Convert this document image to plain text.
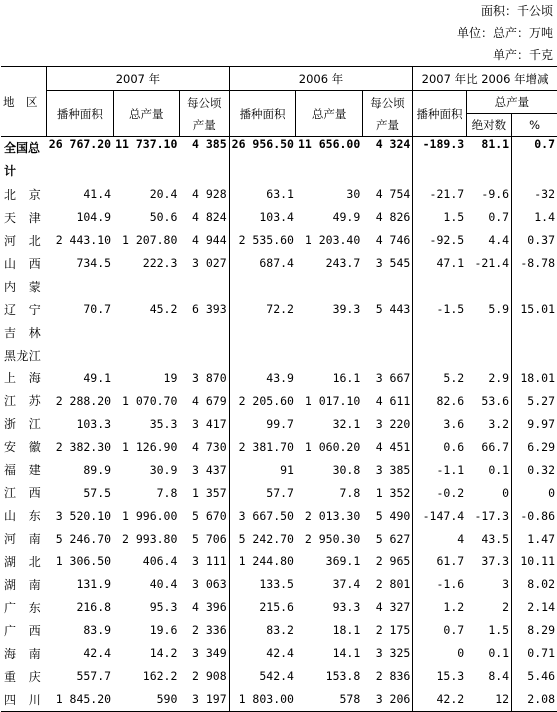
面积：千公顷
单位：总产：万吨
单产：千克
地　区	2007 年			2006 年			2007 年比 2006 年增减		
	播种面积	总产量	每公顷产量	播种面积	总产量	每公顷产量	播种面积	总产量	
								绝对数	%
全国总计	26 767.20	11 737.10	4 385	26 956.50	11 656.00	4 324	-189.3	81.1	0.7
北　京	41.4	20.4	4 928	63.1	30	4 754	-21.7	-9.6	-32
天　津	104.9	50.6	4 824	103.4	49.9	4 826	1.5	0.7	1.4
河　北	2 443.10	1 207.80	4 944	2 535.60	1 203.40	4 746	-92.5	4.4	0.37
山　西	734.5	222.3	3 027	687.4	243.7	3 545	47.1	-21.4	-8.78
内　蒙									
辽　宁	70.7	45.2	6 393	72.2	39.3	5 443	-1.5	5.9	15.01
吉　林									
黑龙江									
上　海	49.1	19	3 870	43.9	16.1	3 667	5.2	2.9	18.01
江　苏	2 288.20	1 070.70	4 679	2 205.60	1 017.10	4 611	82.6	53.6	5.27
浙　江	103.3	35.3	3 417	99.7	32.1	3 220	3.6	3.2	9.97
安　徽	2 382.30	1 126.90	4 730	2 381.70	1 060.20	4 451	0.6	66.7	6.29
福　建	89.9	30.9	3 437	91	30.8	3 385	-1.1	0.1	0.32
江　西	57.5	7.8	1 357	57.7	7.8	1 352	-0.2	0	0
山　东	3 520.10	1 996.00	5 670	3 667.50	2 013.30	5 490	-147.4	-17.3	-0.86
河　南	5 246.70	2 993.80	5 706	5 242.70	2 950.30	5 627	4	43.5	1.47
湖　北	1 306.50	406.4	3 111	1 244.80	369.1	2 965	61.7	37.3	10.11
湖　南	131.9	40.4	3 063	133.5	37.4	2 801	-1.6	3	8.02
广　东	216.8	95.3	4 396	215.6	93.3	4 327	1.2	2	2.14
广　西	83.9	19.6	2 336	83.2	18.1	2 175	0.7	1.5	8.29
海　南	42.4	14.2	3 349	42.4	14.1	3 325	0	0.1	0.71
重　庆	557.7	162.2	2 908	542.4	153.8	2 836	15.3	8.4	5.46
四　川	1 845.20	590	3 197	1 803.00	578	3 206	42.2	12	2.08
